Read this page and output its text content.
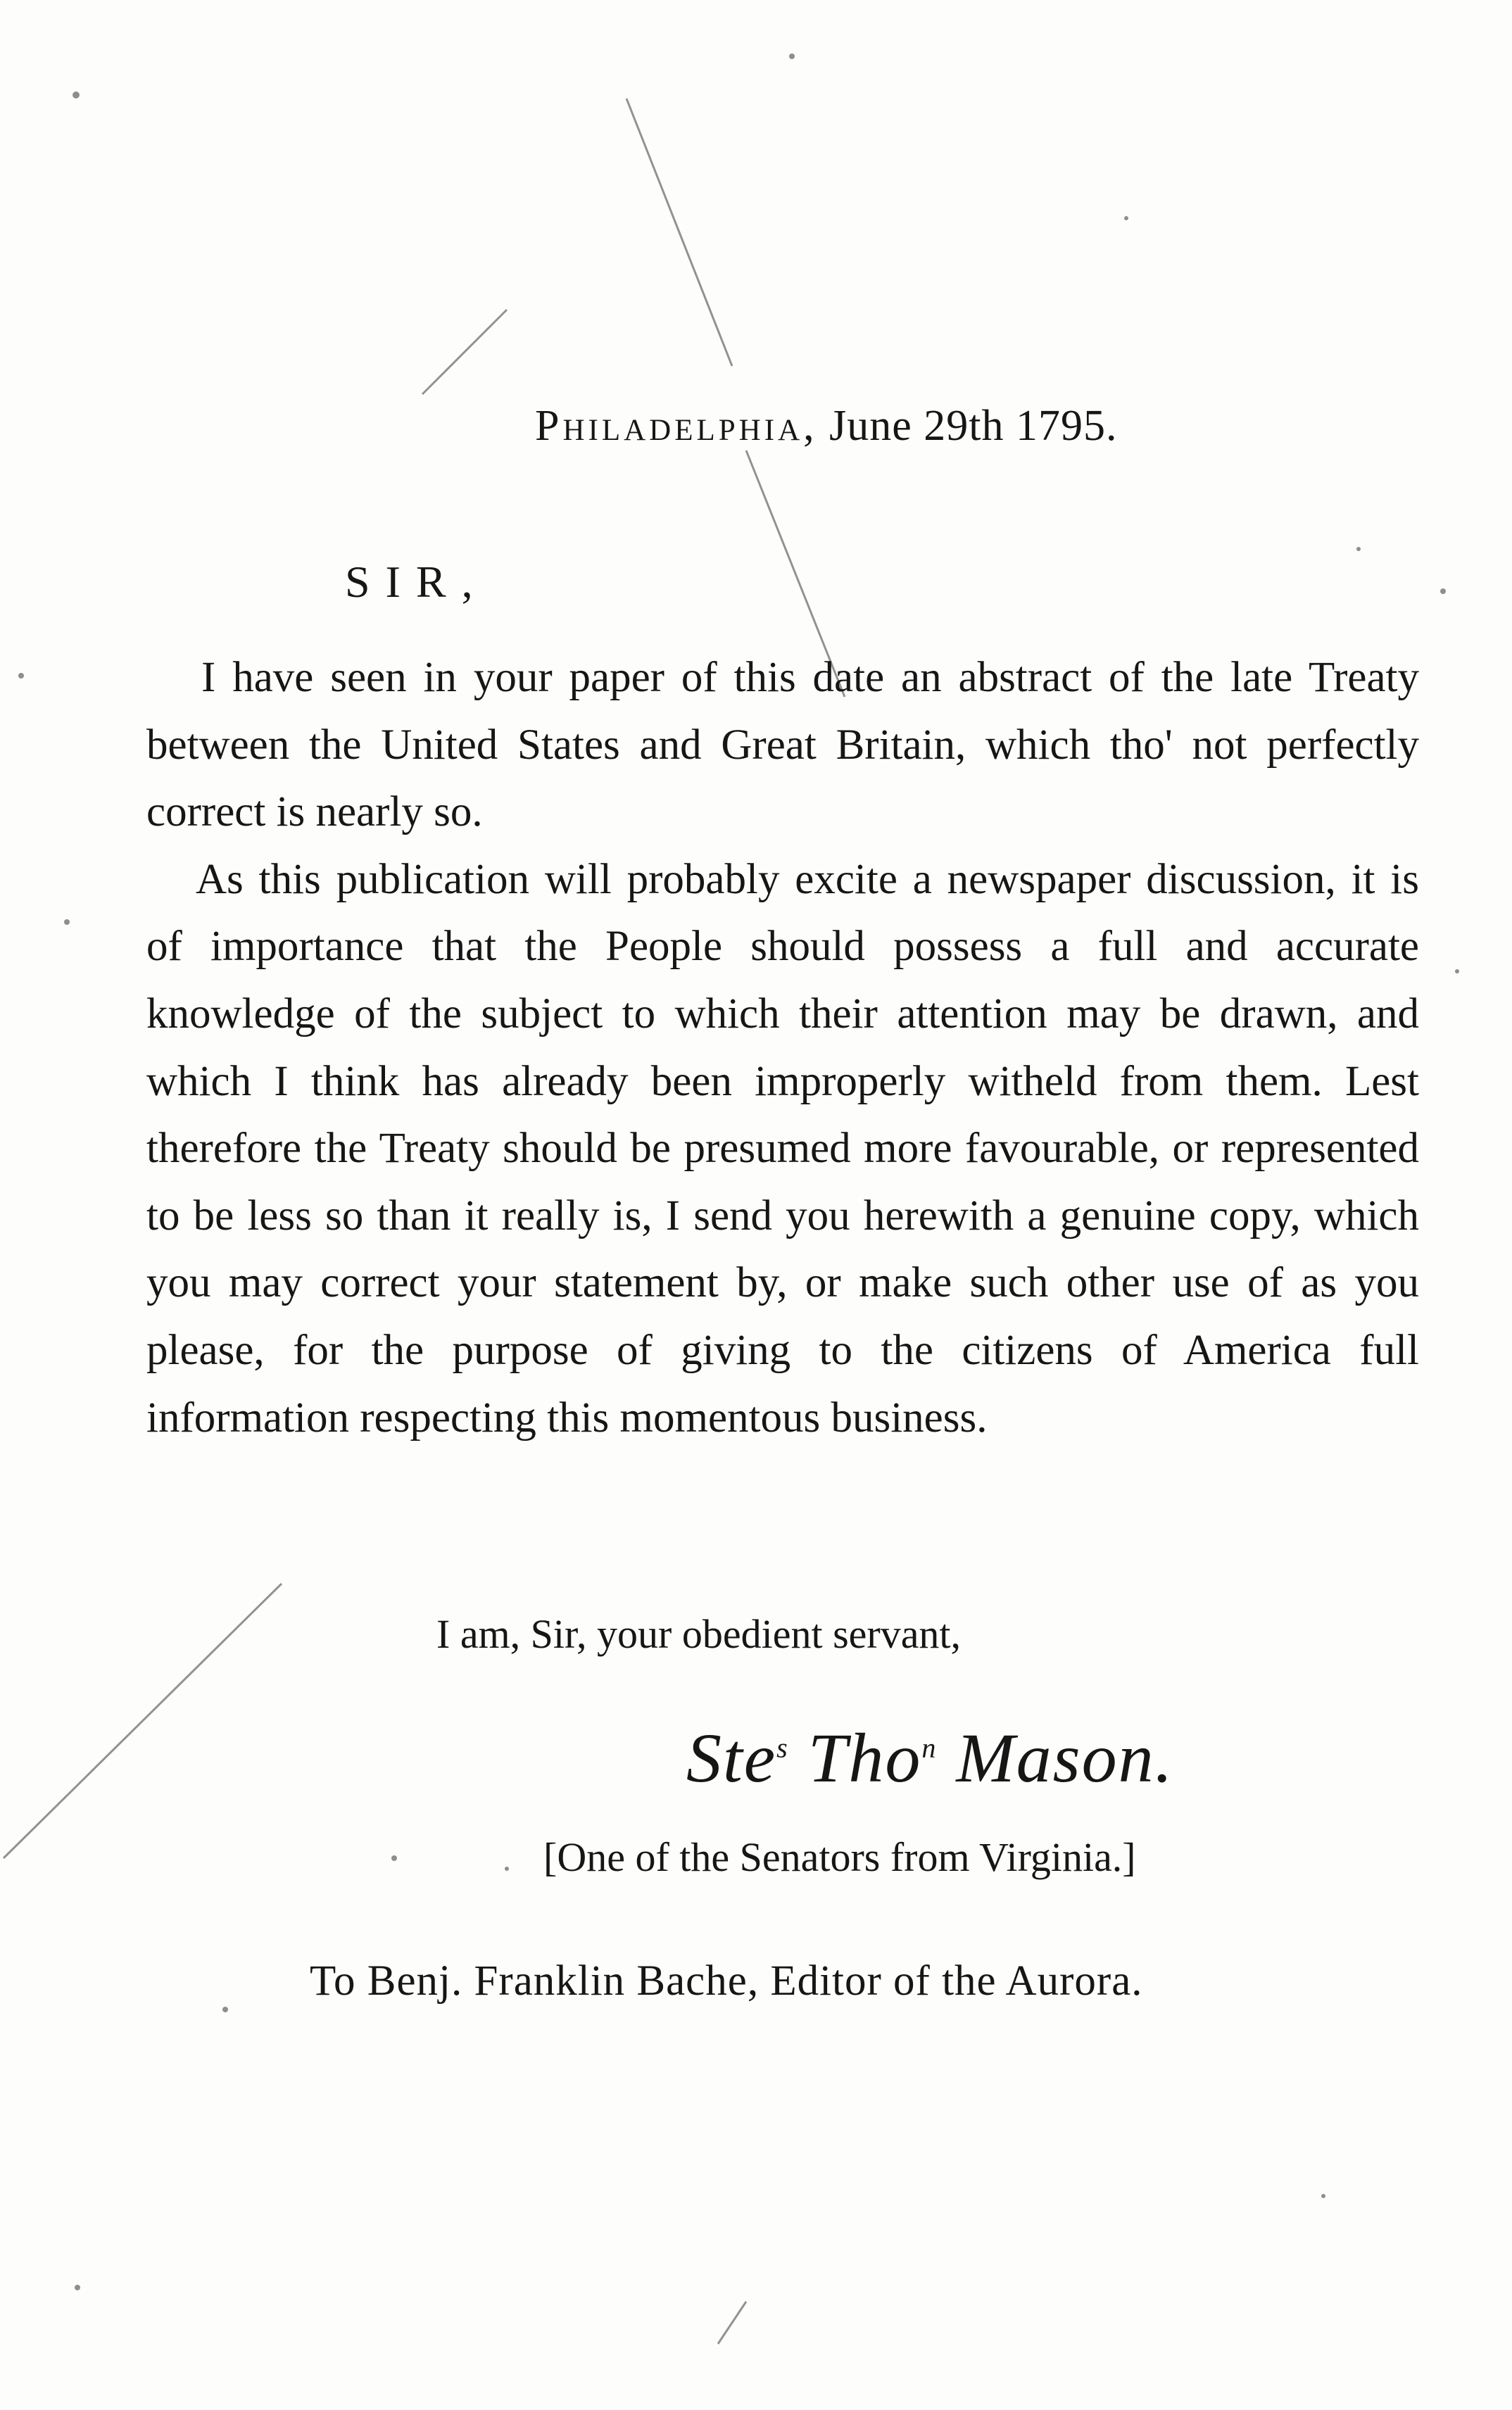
Philadelphia, June 29th 1795.
SIR,

I have seen in your paper of this date an abstract of the late Treaty between the United States and Great Britain, which tho' not perfectly correct is nearly so.

As this publication will probably excite a newspaper discussion, it is of importance that the People should possess a full and accurate knowledge of the subject to which their attention may be drawn, and which I think has already been improperly witheld from them. Lest therefore the Treaty should be presumed more favourable, or represented to be less so than it really is, I send you herewith a genuine copy, which you may correct your statement by, or make such other use of as you please, for the purpose of giving to the citizens of America full information respecting this momentous business.

I am, Sir, your obedient servant,
Ste$^s$ Tho$^n$ Mason.
[One of the Senators from Virginia.]
To Benj. Franklin Bache, Editor of the Aurora.
